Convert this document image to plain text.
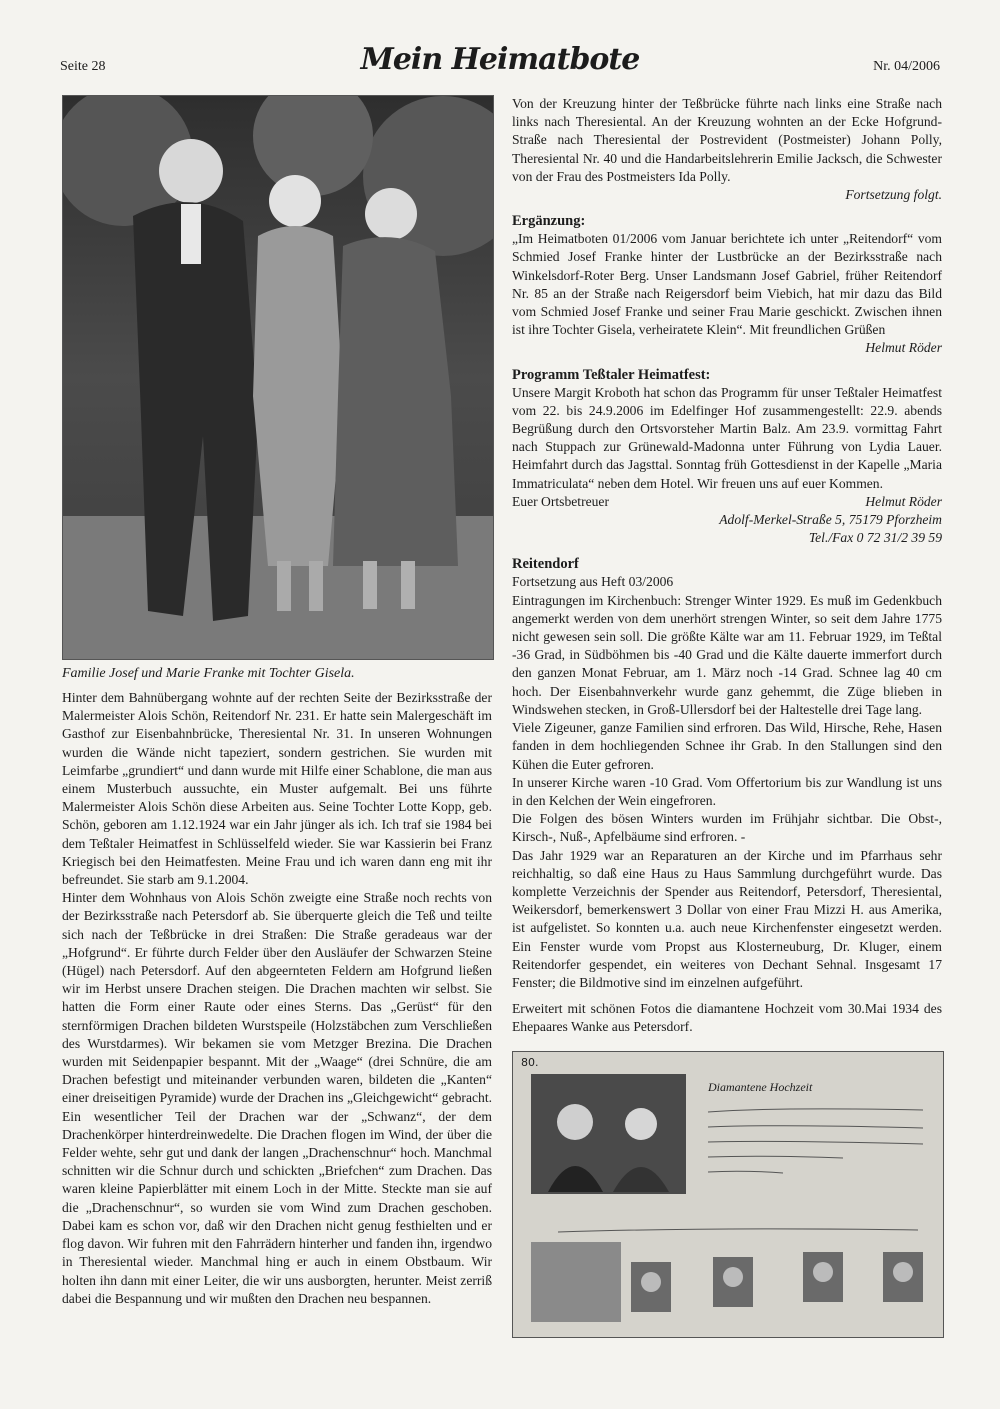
Seite 28	Mein Heimatbote	Nr. 04/2006
Familie Josef und Marie Franke mit Tochter Gisela.

Hinter dem Bahnübergang wohnte auf der rechten Seite der Bezirksstraße der Malermeister Alois Schön, Reitendorf Nr. 231. Er hatte sein Malergeschäft im Gasthof zur Eisenbahnbrücke, Theresiental Nr. 31. In unseren Wohnungen wurden die Wände nicht tapeziert, sondern gestrichen. Sie wurden mit Leimfarbe „grundiert“ und dann wurde mit Hilfe einer Schablone, die man aus einem Musterbuch aussuchte, ein Muster aufgemalt. Bei uns führte Malermeister Alois Schön diese Arbeiten aus. Seine Tochter Lotte Kopp, geb. Schön, geboren am 1.12.1924 war ein Jahr jünger als ich. Ich traf sie 1984 bei dem Teßtaler Heimatfest in Schlüsselfeld wieder. Sie war Kassierin bei Franz Kriegisch bei den Heimatfesten. Meine Frau und ich waren dann eng mit ihr befreundet. Sie starb am 9.1.2004.

Hinter dem Wohnhaus von Alois Schön zweigte eine Straße noch rechts von der Bezirksstraße nach Petersdorf ab. Sie überquerte gleich die Teß und teilte sich nach der Teßbrücke in drei Straßen: Die Straße geradeaus war der „Hofgrund“. Er führte durch Felder über den Ausläufer der Schwarzen Steine (Hügel) nach Petersdorf. Auf den abgeernteten Feldern am Hofgrund ließen wir im Herbst unsere Drachen steigen. Die Drachen machten wir selbst. Sie hatten die Form einer Raute oder eines Sterns. Das „Gerüst“ für den sternförmigen Drachen bildeten Wurstspeile (Holzstäbchen zum Verschließen des Wurstdarmes). Wir bekamen sie vom Metzger Brezina. Die Drachen wurden mit Seidenpapier bespannt. Mit der „Waage“ (drei Schnüre, die am Drachen befestigt und miteinander verbunden waren, bildeten die „Kanten“ einer dreiseitigen Pyramide) wurde der Drachen ins „Gleichgewicht“ gebracht. Ein wesentlicher Teil der Drachen war der „Schwanz“, der dem Drachenkörper hinterdreinwedelte. Die Drachen flogen im Wind, der über die Felder wehte, sehr gut und dank der langen „Drachenschnur“ hoch. Manchmal schnitten wir die Schnur durch und schickten „Briefchen“ zum Drachen. Das waren kleine Papierblätter mit einem Loch in der Mitte. Steckte man sie auf die „Drachenschnur“, so wurden sie vom Wind zum Drachen geschoben. Dabei kam es schon vor, daß wir den Drachen nicht genug festhielten und er flog davon. Wir fuhren mit den Fahrrädern hinterher und fanden ihn, irgendwo in Theresiental wieder. Manchmal hing er auch in einem Obstbaum. Wir holten ihn dann mit einer Leiter, die wir uns ausborgten, herunter. Meist zerriß dabei die Bespannung und wir mußten den Drachen neu bespannen.

Von der Kreuzung hinter der Teßbrücke führte nach links eine Straße nach links nach Theresiental. An der Kreuzung wohnten an der Ecke Hofgrund-Straße nach Theresiental der Postrevident (Postmeister) Johann Polly, Theresiental Nr. 40 und die Handarbeitslehrerin Emilie Jacksch, die Schwester von der Frau des Postmeisters Ida Polly.

Fortsetzung folgt.

Ergänzung:

„Im Heimatboten 01/2006 vom Januar berichtete ich unter „Reitendorf“ vom Schmied Josef Franke hinter der Lustbrücke an der Bezirksstraße nach Winkelsdorf-Roter Berg. Unser Landsmann Josef Gabriel, früher Reitendorf Nr. 85 an der Straße nach Reigersdorf beim Viebich, hat mir dazu das Bild vom Schmied Josef Franke und seiner Frau Marie geschickt. Zwischen ihnen ist ihre Tochter Gisela, verheiratete Klein“. Mit freundlichen Grüßen

Helmut Röder

Programm Teßtaler Heimatfest:

Unsere Margit Kroboth hat schon das Programm für unser Teßtaler Heimatfest vom 22. bis 24.9.2006 im Edelfinger Hof zusammengestellt: 22.9. abends Begrüßung durch den Ortsvorsteher Martin Balz. Am 23.9. vormittag Fahrt nach Stuppach zur Grünewald-Madonna unter Führung von Lydia Lauer. Heimfahrt durch das Jagsttal. Sonntag früh Gottesdienst in der Kapelle „Maria Immatriculata“ neben dem Hotel. Wir freuen uns auf euer Kommen.

Euer Ortsbetreuer	Helmut Röder

Adolf-Merkel-Straße 5, 75179 Pforzheim

Tel./Fax 0 72 31/2 39 59

Reitendorf

Fortsetzung aus Heft 03/2006

Eintragungen im Kirchenbuch: Strenger Winter 1929. Es muß im Gedenkbuch angemerkt werden von dem unerhört strengen Winter, so seit dem Jahre 1775 nicht gewesen sein soll. Die größte Kälte war am 11. Februar 1929, im Teßtal -36 Grad, in Südböhmen bis -40 Grad und die Kälte dauerte immerfort durch den ganzen Monat Februar, am 1. März noch -14 Grad. Schnee lag 40 cm hoch. Der Eisenbahnverkehr wurde ganz gehemmt, die Züge blieben in Windswehen stecken, in Groß-Ullersdorf bei der Haltestelle drei Tage lang.

Viele Zigeuner, ganze Familien sind erfroren. Das Wild, Hirsche, Rehe, Hasen fanden in dem hochliegenden Schnee ihr Grab. In den Stallungen sind den Kühen die Euter gefroren.

In unserer Kirche waren -10 Grad. Vom Offertorium bis zur Wandlung ist uns in den Kelchen der Wein eingefroren.

Die Folgen des bösen Winters wurden im Frühjahr sichtbar. Die Obst-, Kirsch-, Nuß-, Apfelbäume sind erfroren. -

Das Jahr 1929 war an Reparaturen an der Kirche und im Pfarrhaus sehr reichhaltig, so daß eine Haus zu Haus Sammlung durchgeführt wurde. Das komplette Verzeichnis der Spender aus Reitendorf, Petersdorf, Theresiental, Weikersdorf, bemerkenswert 3 Dollar von einer Frau Mizzi H. aus Amerika, ist aufgelistet. So konnten u.a. auch neue Kirchenfenster eingesetzt werden. Ein Fenster wurde vom Propst aus Klosterneuburg, Dr. Kluger, einem Reitendorfer gespendet, ein weiteres von Dechant Sehnal. Insgesamt 17 Fenster; die Bildmotive sind im einzelnen aufgeführt.

Erweitert mit schönen Fotos die diamantene Hochzeit vom 30.Mai 1934 des Ehepaares Wanke aus Petersdorf.

80.
Diamantene Hochzeit
